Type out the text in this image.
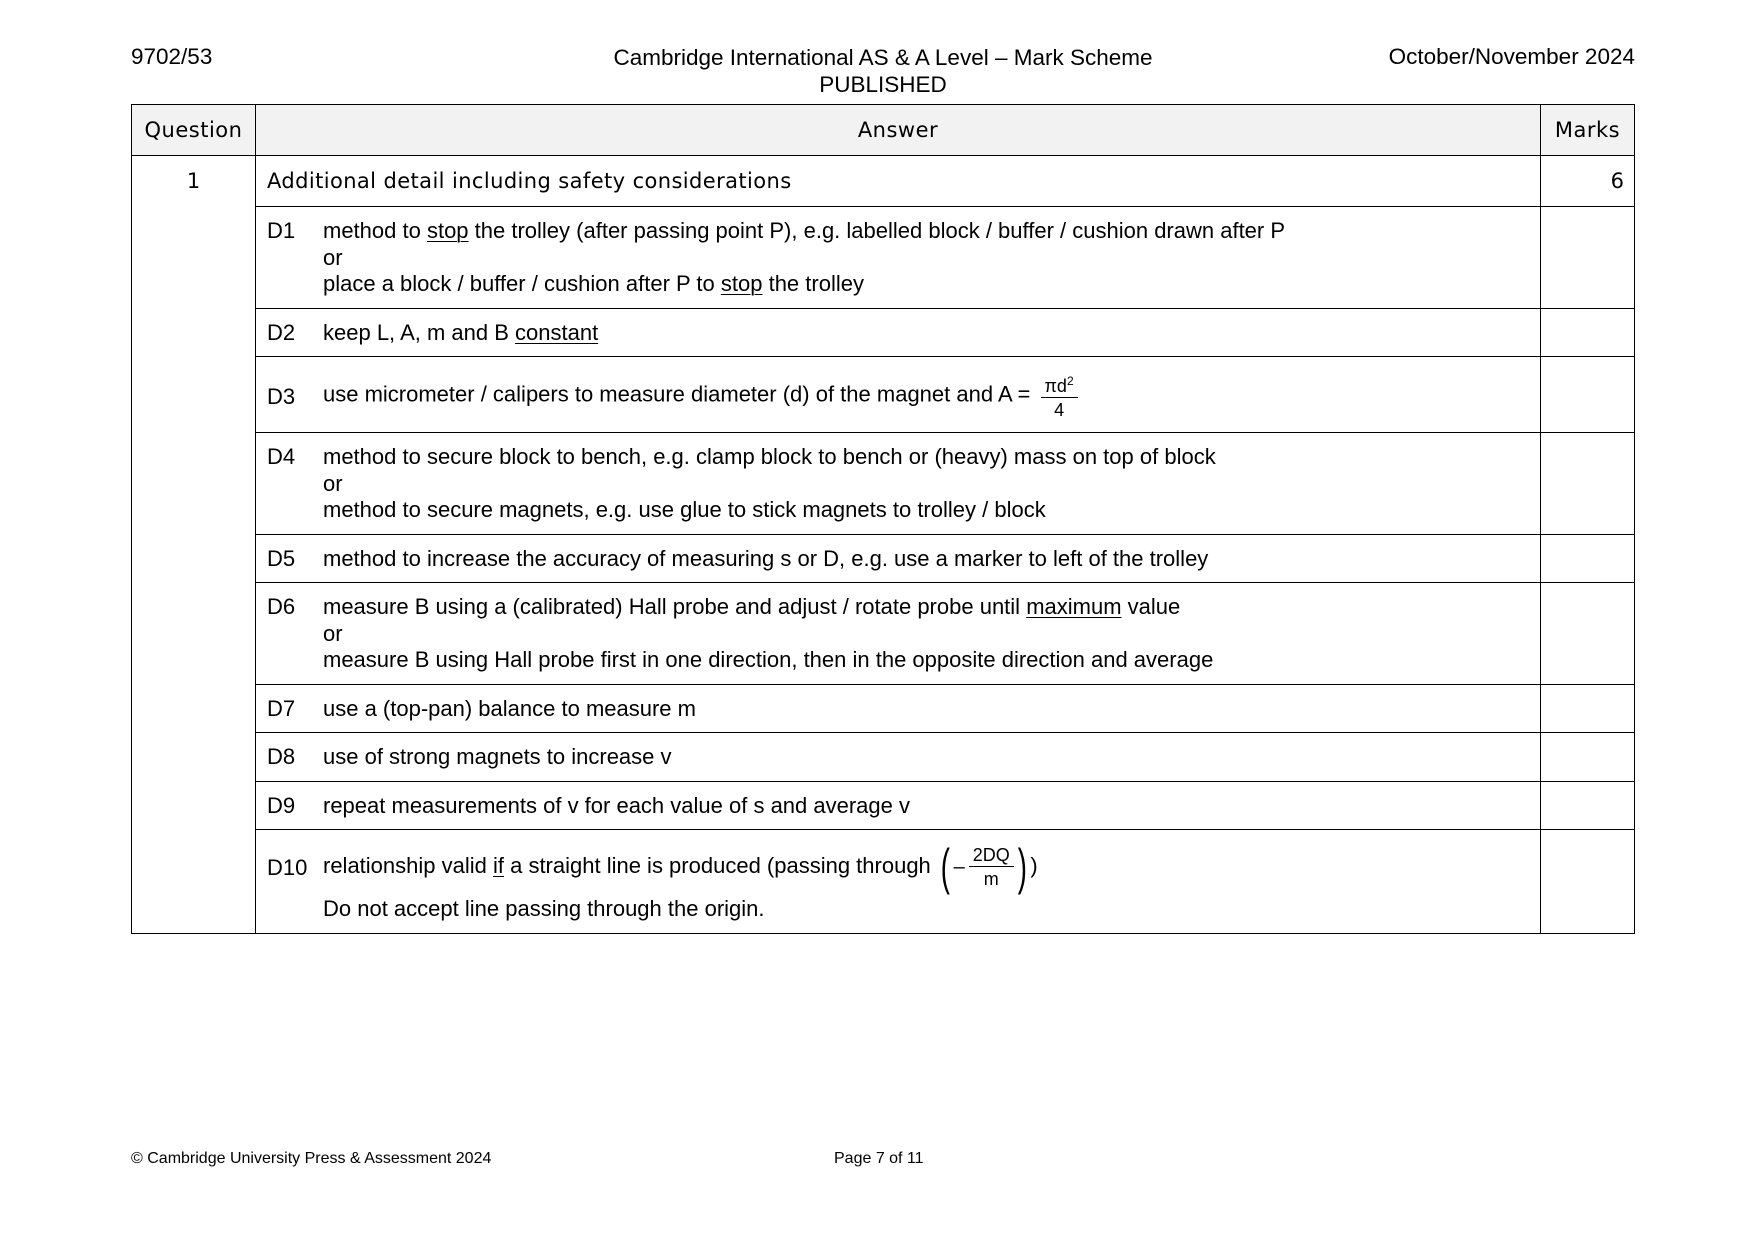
9702/53	Cambridge International AS & A Level – Mark Scheme
PUBLISHED
October/November 2024
Question	Answer	Marks
1	Additional detail including safety considerations	6
	D1 method to stop the trolley (after passing point P), e.g. labelled block / buffer / cushion drawn after P
or
place a block / buffer / cushion after P to stop the trolley	
	D2 keep L, A, m and B constant	
	D3 use micrometer / calipers to measure diameter (d) of the magnet and $A = \frac{\pi d^2}{4}$

	D4 method to secure block to bench, e.g. clamp block to bench or (heavy) mass on top of block
or
method to secure magnets, e.g. use glue to stick magnets to trolley / block	
	D5 method to increase the accuracy of measuring s or D, e.g. use a marker to left of the trolley	
	D6 measure B using a (calibrated) Hall probe and adjust / rotate probe until maximum value
or
measure B using Hall probe first in one direction, then in the opposite direction and average	
	D7 use a (top-pan) balance to measure m	
	D8 use of strong magnets to increase v	
	D9 repeat measurements of v for each value of s and average v	
	D10 relationship valid if a straight line is produced (passing through ( – $\frac{2DQ}{m}$ ) )
Do not accept line passing through the origin.	
© Cambridge University Press & Assessment 2024	Page 7 of 11
